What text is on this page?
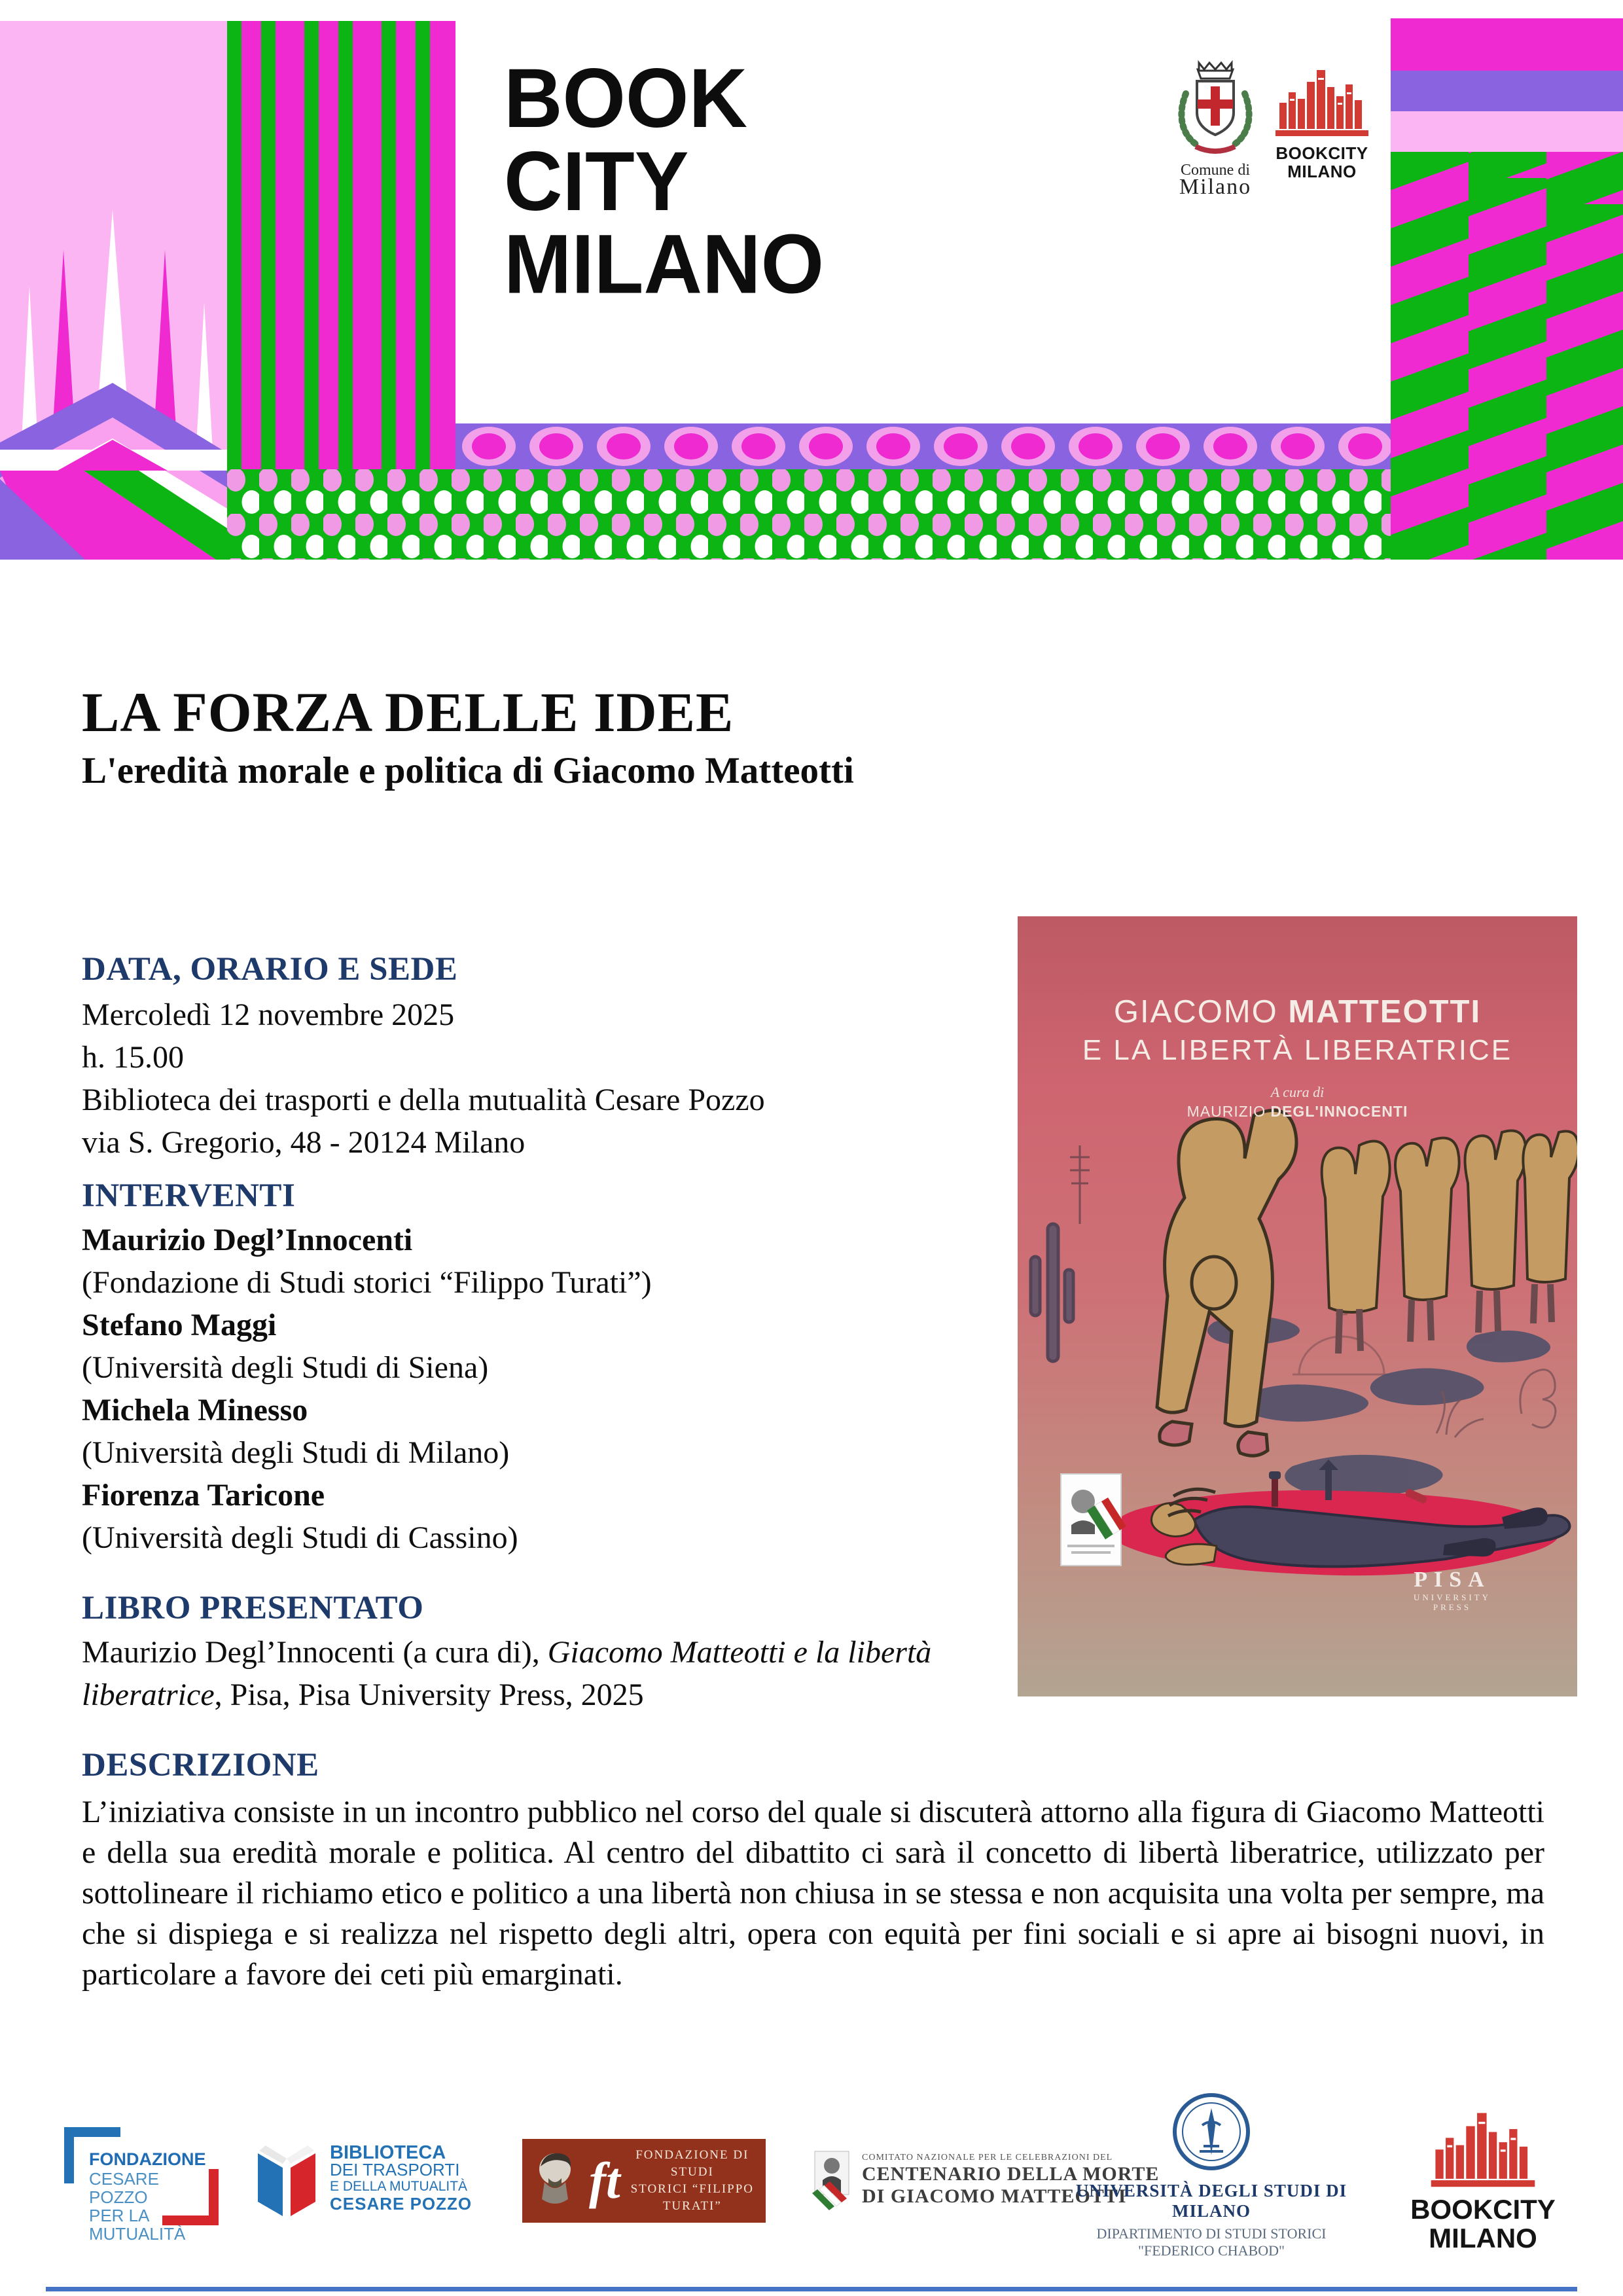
BOOK
CITY
MILANO
Comune di
Milano
BOOKCITY
MILANO
LA FORZA DELLE IDEE
L'eredità morale e politica di Giacomo Matteotti
DATA, ORARIO E SEDE
Mercoledì 12 novembre 2025
h. 15.00
Biblioteca dei trasporti e della mutualità Cesare Pozzo
via S. Gregorio, 48 - 20124 Milano
INTERVENTI
Maurizio Degl’Innocenti
(Fondazione di Studi storici “Filippo Turati”)
Stefano Maggi
(Università degli Studi di Siena)
Michela Minesso
(Università degli Studi di Milano)
Fiorenza Taricone
(Università degli Studi di Cassino)
LIBRO PRESENTATO
Maurizio Degl’Innocenti (a cura di), Giacomo Matteotti e la libertà liberatrice, Pisa, Pisa University Press, 2025
DESCRIZIONE

L’iniziativa consiste in un incontro pubblico nel corso del quale si discuterà attorno alla figura di Giacomo Matteotti e della sua eredità morale e politica. Al centro del dibattito ci sarà il concetto di libertà liberatrice, utilizzato per sottolineare il richiamo etico e politico a una libertà non chiusa in se stessa e non acquisita una volta per sempre, ma che si dispiega e si realizza nel rispetto degli altri, opera con equità per fini sociali e si apre ai bisogni nuovi, in particolare a favore dei ceti più emarginati.

GIACOMO MATTEOTTI
E LA LIBERTÀ LIBERATRICE
A cura di
MAURIZIO DEGL'INNOCENTI
PISA
UNIVERSITY
PRESS
FONDAZIONE
CESARE POZZO
PER LA MUTUALITÀ
BIBLIOTECA
DEI TRASPORTI
E DELLA MUTUALITÀ
CESARE POZZO ft	FONDAZIONE DI STUDI
STORICI “FILIPPO TURATI”
COMITATO NAZIONALE PER LE CELEBRAZIONI DEL
CENTENARIO DELLA MORTE
DI GIACOMO MATTEOTTI
UNIVERSITÀ DEGLI STUDI DI MILANO
DIPARTIMENTO DI STUDI STORICI
"FEDERICO CHABOD"
BOOKCITY
MILANO
